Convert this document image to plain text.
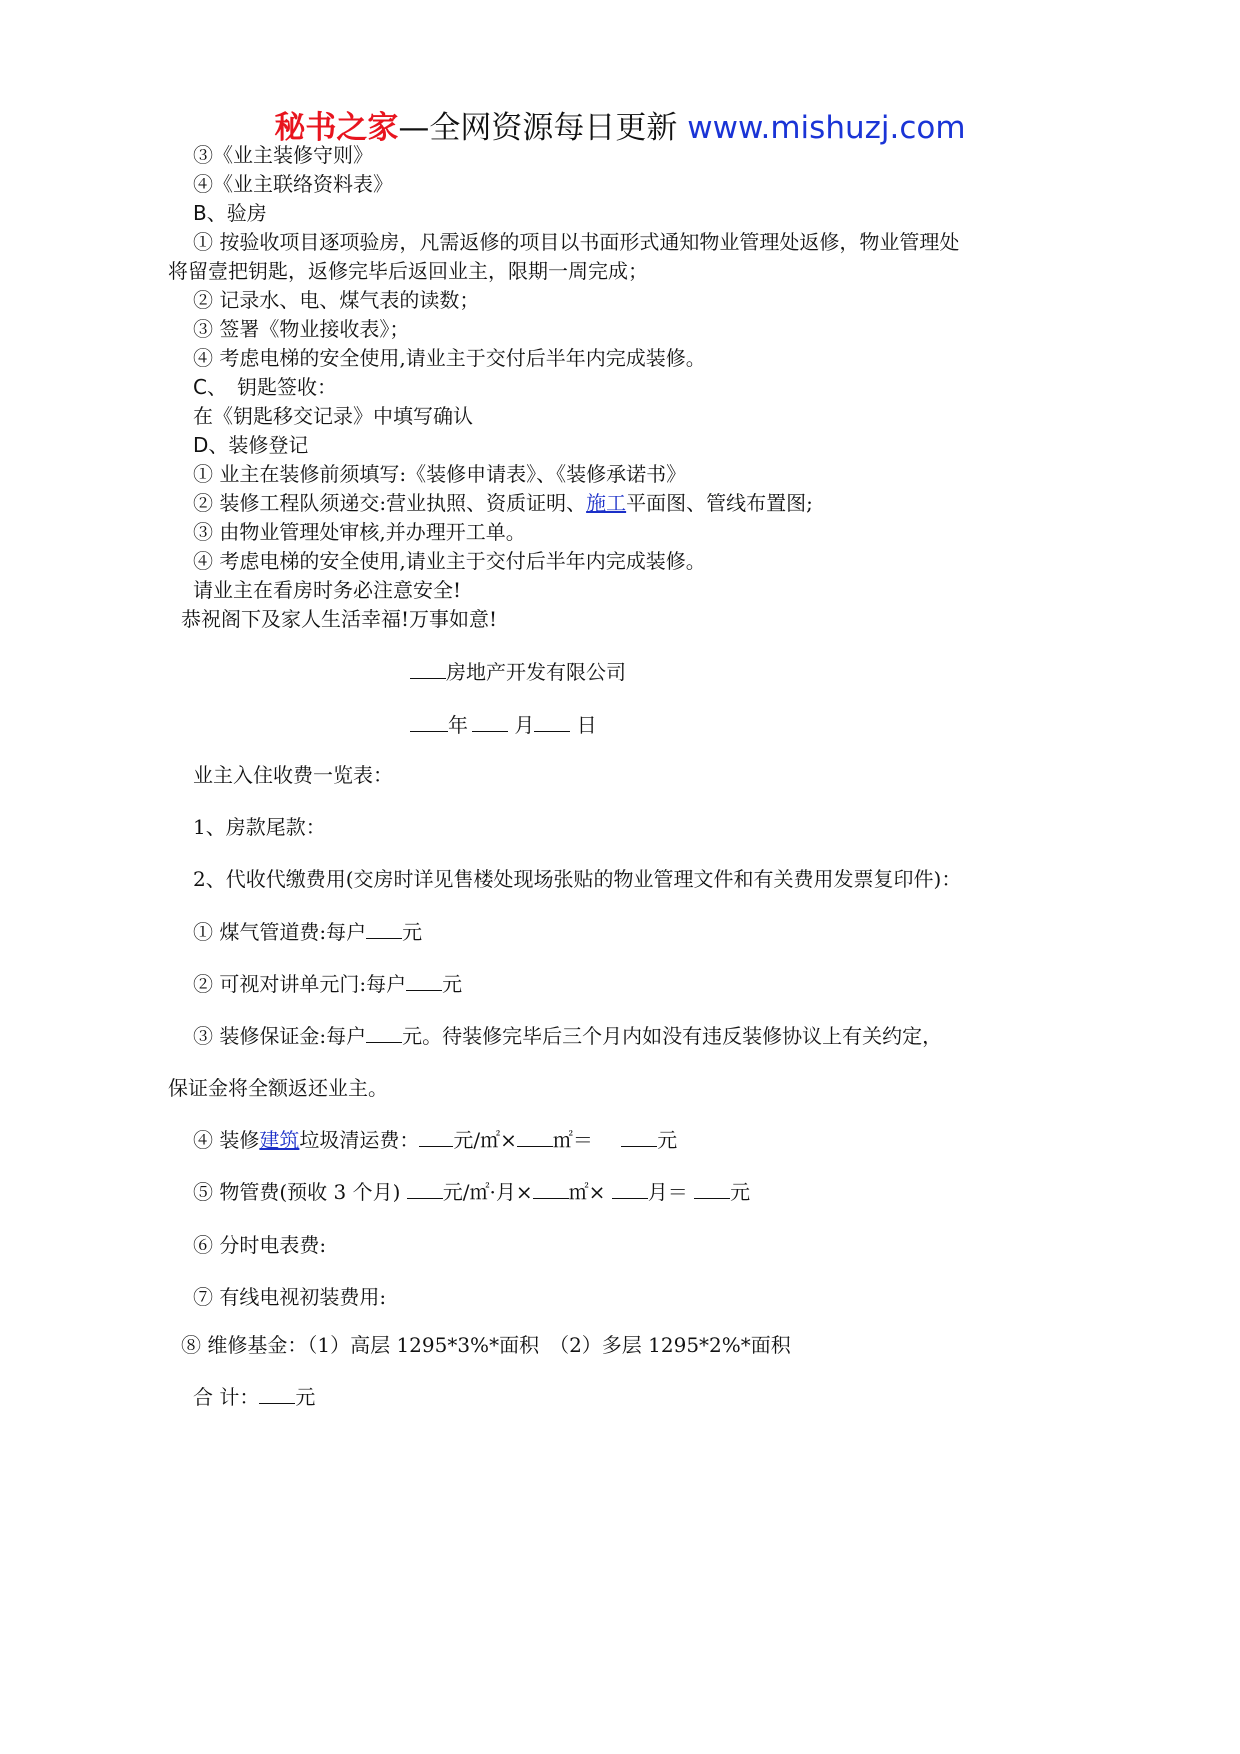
秘书之家—全网资源每日更新 www.mishuzj.com
③《业主装修守则》
④《业主联络资料表》
B、验房
① 按验收项目逐项验房，凡需返修的项目以书面形式通知物业管理处返修，物业管理处
将留壹把钥匙，返修完毕后返回业主，限期一周完成；
② 记录水、电、煤气表的读数；
③ 签署《物业接收表》；
④ 考虑电梯的安全使用,请业主于交付后半年内完成装修。
C、　钥匙签收：
在《钥匙移交记录》中填写确认
D、装修登记
① 业主在装修前须填写:《装修申请表》、《装修承诺书》
② 装修工程队须递交:营业执照、资质证明、施工平面图、管线布置图;
③ 由物业管理处审核,并办理开工单。
④ 考虑电梯的安全使用,请业主于交付后半年内完成装修。
请业主在看房时务必注意安全!
恭祝阁下及家人生活幸福!万事如意!
房地产开发有限公司
年 月 日
业主入住收费一览表：
1、房款尾款：
2、代收代缴费用(交房时详见售楼处现场张贴的物业管理文件和有关费用发票复印件)：
① 煤气管道费:每户 元
② 可视对讲单元门:每户 元
③ 装修保证金:每户 元。待装修完毕后三个月内如没有违反装修协议上有关约定，
保证金将全额返还业主。
④ 装修建筑垃圾清运费： 元/㎡× ㎡＝	元
⑤ 物管费(预收 3 个月) 元/㎡·月× ㎡× 月＝ 元
⑥ 分时电表费:
⑦ 有线电视初装费用:
⑧ 维修基金：（1）高层 1295*3%*面积　（2）多层 1295*2%*面积
合 计： 元
